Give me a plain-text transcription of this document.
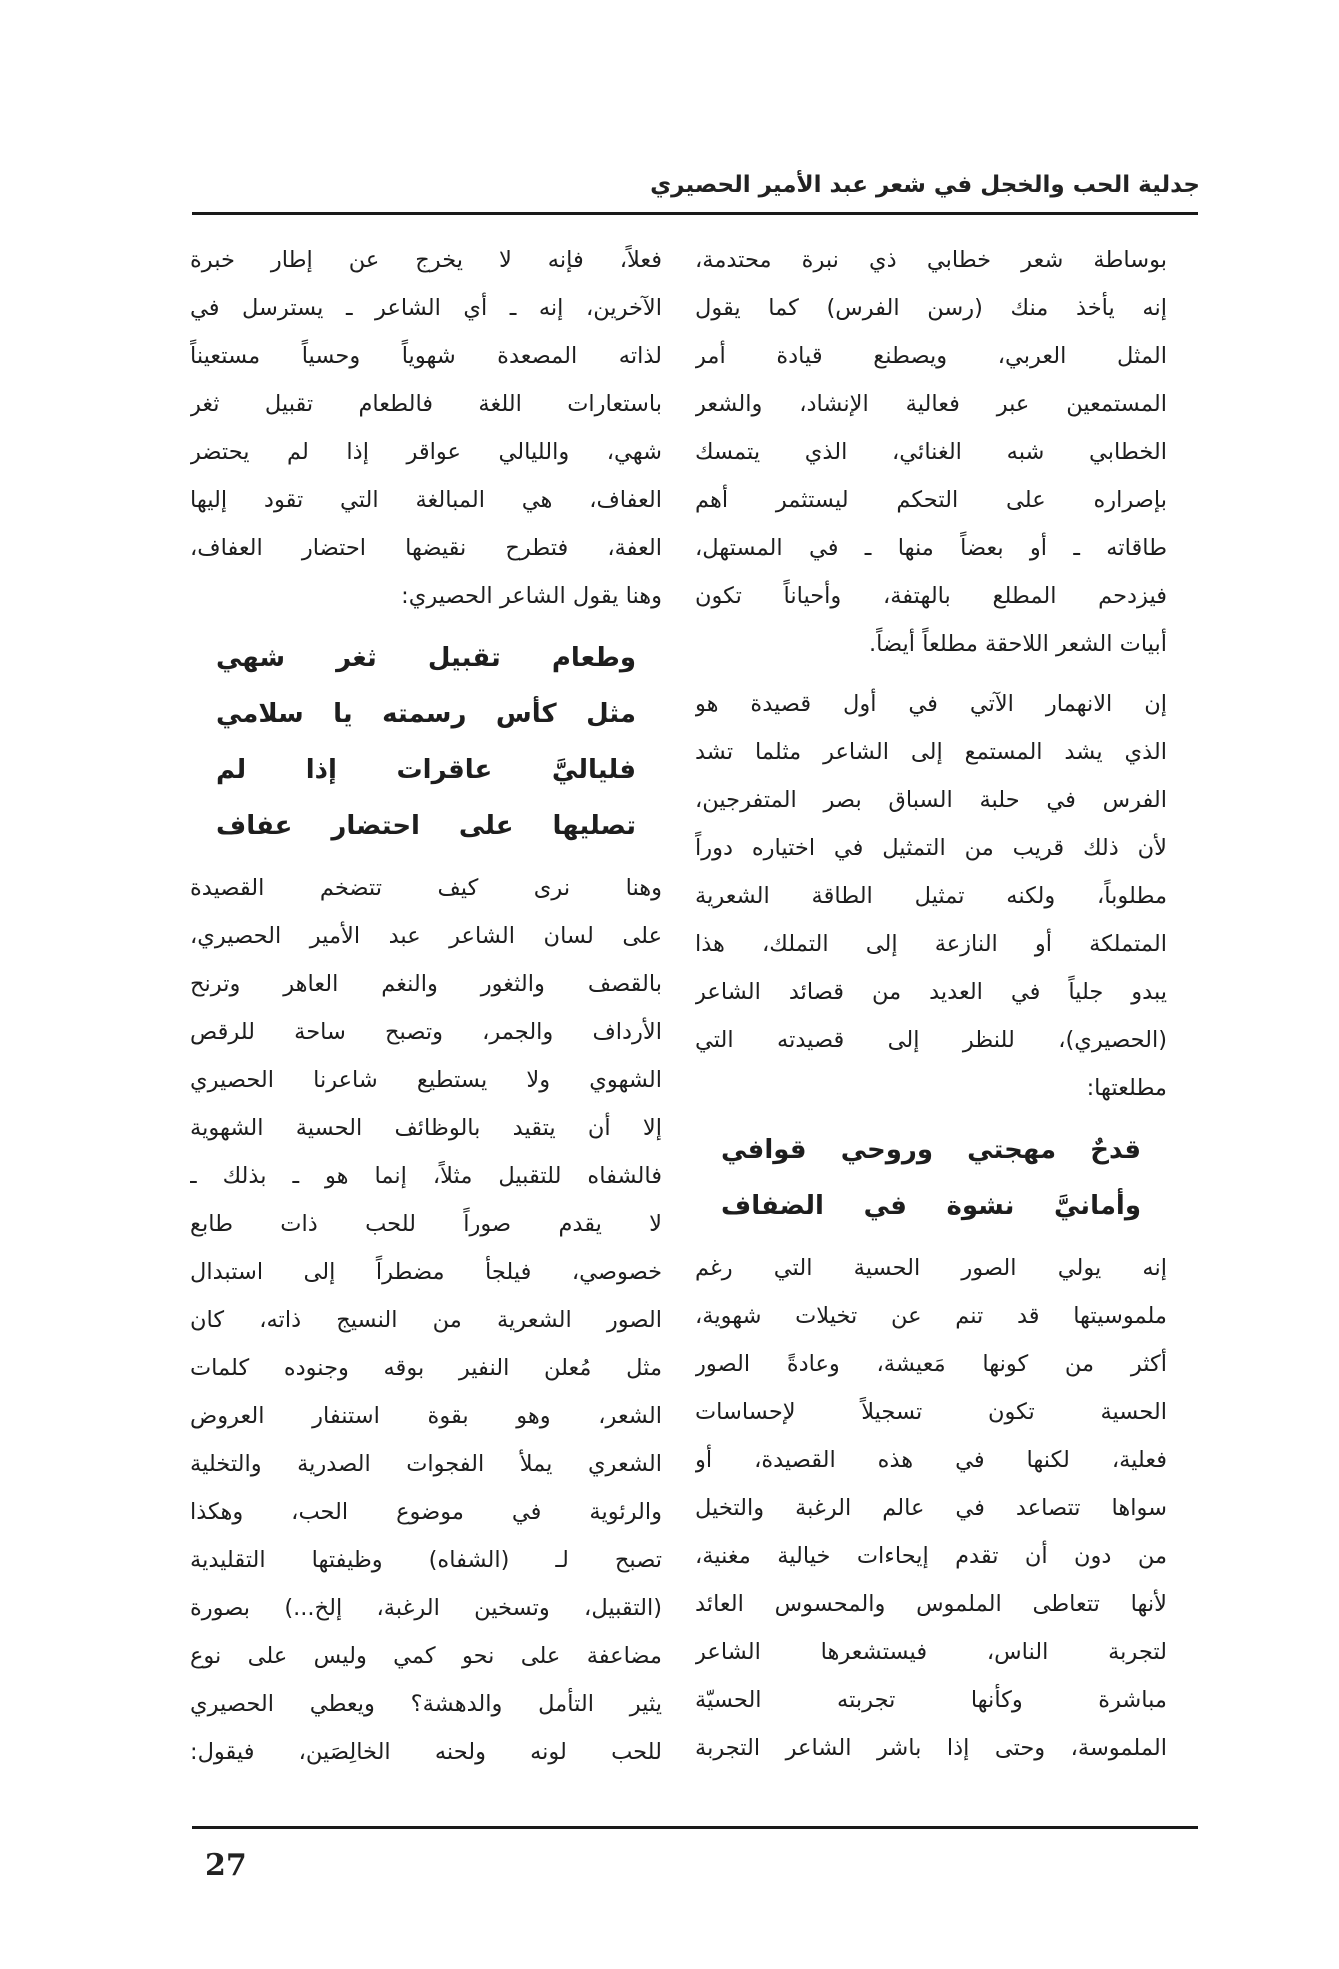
جدلية الحب والخجل في شعر عبد الأمير الحصيري
بوساطة شعر خطابي ذي نبرة محتدمة،
إنه يأخذ منك (رسن الفرس) كما يقول
المثل العربي، ويصطنع قيادة أمر
المستمعين عبر فعالية الإنشاد، والشعر
الخطابي شبه الغنائي، الذي يتمسك
بإصراره على التحكم ليستثمر أهم
طاقاته ـ أو بعضاً منها ـ في المستهل،
فيزدحم المطلع بالهتفة، وأحياناً تكون
أبيات الشعر اللاحقة مطلعاً أيضاً.
إن الانهمار الآتي في أول قصيدة هو
الذي يشد المستمع إلى الشاعر مثلما تشد
الفرس في حلبة السباق بصر المتفرجين،
لأن ذلك قريب من التمثيل في اختياره دوراً
مطلوباً، ولكنه تمثيل الطاقة الشعرية
المتملكة أو النازعة إلى التملك، هذا
يبدو جلياً في العديد من قصائد الشاعر
(الحصيري)، للنظر إلى قصيدته التي
مطلعتها:
قدحٌ مهجتي وروحي قوافي
وأمانيَّ نشوة في الضفاف
إنه يولي الصور الحسية التي رغم
ملموسيتها قد تنم عن تخيلات شهوية،
أكثر من كونها مَعيشة، وعادةً الصور
الحسية تكون تسجيلاً لإحساسات
فعلية، لكنها في هذه القصيدة، أو
سواها تتصاعد في عالم الرغبة والتخيل
من دون أن تقدم إيحاءات خيالية مغنية،
لأنها تتعاطى الملموس والمحسوس العائد
لتجربة الناس، فيستشعرها الشاعر
مباشرة وكأنها تجربته الحسيّة
الملموسة، وحتى إذا باشر الشاعر التجربة
فعلاً، فإنه لا يخرج عن إطار خبرة
الآخرين، إنه ـ أي الشاعر ـ يسترسل في
لذاته المصعدة شهوياً وحسياً مستعيناً
باستعارات اللغة فالطعام تقبيل ثغر
شهي، والليالي عواقر إذا لم يحتضر
العفاف، هي المبالغة التي تقود إليها
العفة، فتطرح نقيضها احتضار العفاف،
وهنا يقول الشاعر الحصيري:
وطعام تقبيل ثغر شهي
مثل كأس رسمته يا سلامي
فلياليَّ عاقرات إذا لم
تصليها على احتضار عفاف
وهنا نرى كيف تتضخم القصيدة
على لسان الشاعر عبد الأمير الحصيري،
بالقصف والثغور والنغم العاهر وترنح
الأرداف والجمر، وتصبح ساحة للرقص
الشهوي ولا يستطيع شاعرنا الحصيري
إلا أن يتقيد بالوظائف الحسية الشهوية
فالشفاه للتقبيل مثلاً، إنما هو ـ بذلك ـ
لا يقدم صوراً للحب ذات طابع
خصوصي، فيلجأ مضطراً إلى استبدال
الصور الشعرية من النسيج ذاته، كان
مثل مُعلن النفير بوقه وجنوده كلمات
الشعر، وهو بقوة استنفار العروض
الشعري يملأ الفجوات الصدرية والتخلية
والرئوية في موضوع الحب، وهكذا
تصبح لـ (الشفاه) وظيفتها التقليدية
(التقبيل، وتسخين الرغبة، إلخ...) بصورة
مضاعفة على نحو كمي وليس على نوع
يثير التأمل والدهشة؟ ويعطي الحصيري
للحب لونه ولحنه الخالِصَين، فيقول:
27
